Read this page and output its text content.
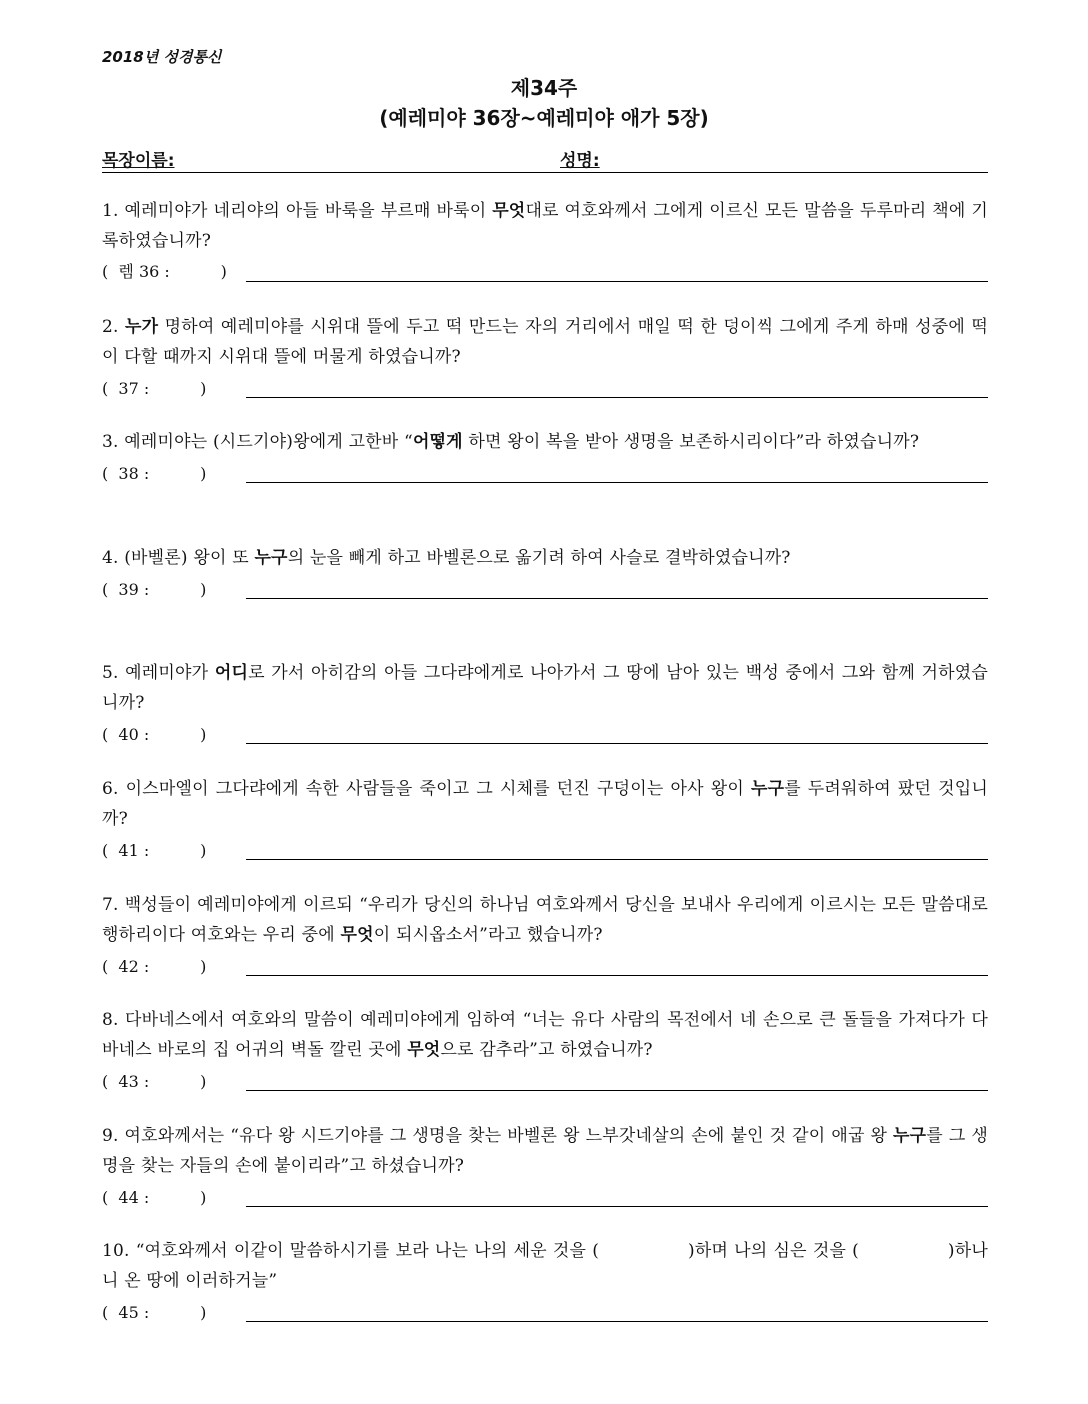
2018년 성경통신
제34주
(예레미야 36장~예레미야 애가 5장)
목장이름:	성명:
1. 예레미야가 네리야의 아들 바룩을 부르매 바룩이 무엇대로 여호와께서 그에게 이르신 모든 말씀을 두루마리 책에 기록하였습니까?
(  렘 36 :          )
2. 누가 명하여 예레미야를 시위대 뜰에 두고 떡 만드는 자의 거리에서 매일 떡 한 덩이씩 그에게 주게 하매 성중에 떡이 다할 때까지 시위대 뜰에 머물게 하였습니까?
(  37 :          )
3. 예레미야는 (시드기야)왕에게 고한바 “어떻게 하면 왕이 복을 받아 생명을 보존하시리이다”라 하였습니까?
(  38 :          )
4. (바벨론) 왕이 또 누구의 눈을 빼게 하고 바벨론으로 옮기려 하여 사슬로 결박하였습니까?
(  39 :          )
5. 예레미야가 어디로 가서 아히감의 아들 그다랴에게로 나아가서 그 땅에 남아 있는 백성 중에서 그와 함께 거하였습니까?
(  40 :          )
6. 이스마엘이 그다랴에게 속한 사람들을 죽이고 그 시체를 던진 구덩이는 아사 왕이 누구를 두려워하여 팠던 것입니까?
(  41 :          )
7. 백성들이 예레미야에게 이르되 “우리가 당신의 하나님 여호와께서 당신을 보내사 우리에게 이르시는 모든 말씀대로 행하리이다 여호와는 우리 중에 무엇이 되시옵소서”라고 했습니까?
(  42 :          )
8. 다바네스에서 여호와의 말씀이 예레미야에게 임하여 “너는 유다 사람의 목전에서 네 손으로 큰 돌들을 가져다가 다바네스 바로의 집 어귀의 벽돌 깔린 곳에 무엇으로 감추라”고 하였습니까?
(  43 :          )
9. 여호와께서는 “유다 왕 시드기야를 그 생명을 찾는 바벨론 왕 느부갓네살의 손에 붙인 것 같이 애굽 왕 누구를 그 생명을 찾는 자들의 손에 붙이리라”고 하셨습니까?
(  44 :          )
10. “여호와께서 이같이 말씀하시기를 보라 나는 나의 세운 것을 (　　　　　)하며 나의 심은 것을 (　　　　　)하나니 온 땅에 이러하거늘”
(  45 :          )
